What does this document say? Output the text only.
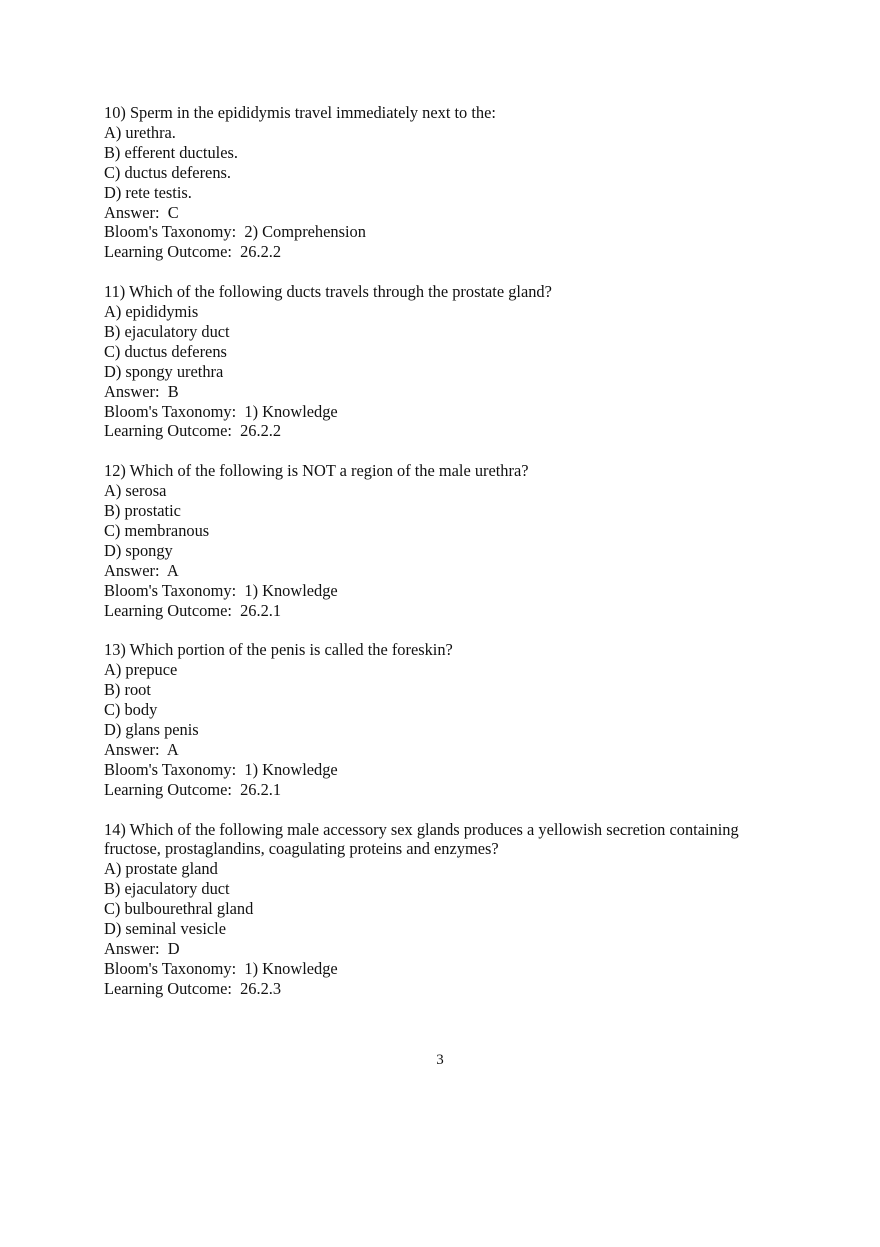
10) Sperm in the epididymis travel immediately next to the:
A) urethra.
B) efferent ductules.
C) ductus deferens.
D) rete testis.
Answer:  C
Bloom's Taxonomy:  2) Comprehension
Learning Outcome:  26.2.2
11) Which of the following ducts travels through the prostate gland?
A) epididymis
B) ejaculatory duct
C) ductus deferens
D) spongy urethra
Answer:  B
Bloom's Taxonomy:  1) Knowledge
Learning Outcome:  26.2.2
12) Which of the following is NOT a region of the male urethra?
A) serosa
B) prostatic
C) membranous
D) spongy
Answer:  A
Bloom's Taxonomy:  1) Knowledge
Learning Outcome:  26.2.1
13) Which portion of the penis is called the foreskin?
A) prepuce
B) root
C) body
D) glans penis
Answer:  A
Bloom's Taxonomy:  1) Knowledge
Learning Outcome:  26.2.1
14) Which of the following male accessory sex glands produces a yellowish secretion containing fructose, prostaglandins, coagulating proteins and enzymes?
A) prostate gland
B) ejaculatory duct
C) bulbourethral gland
D) seminal vesicle
Answer:  D
Bloom's Taxonomy:  1) Knowledge
Learning Outcome:  26.2.3
3
